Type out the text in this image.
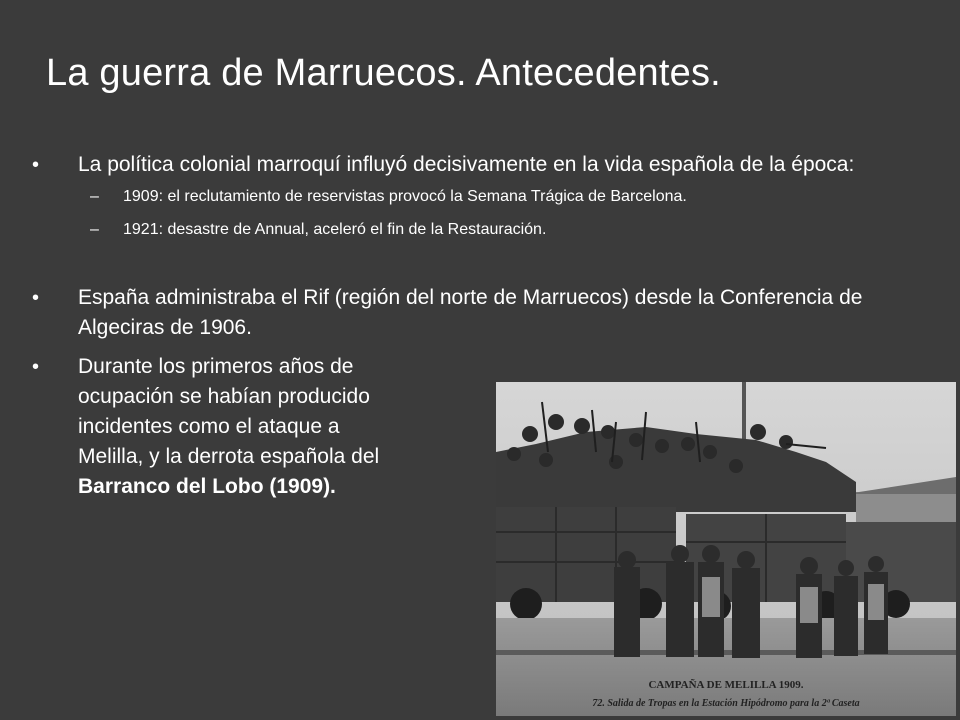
La guerra de Marruecos. Antecedentes.
• La política colonial marroquí influyó decisivamente en la vida española de la época:
– 1909: el reclutamiento de reservistas provocó la Semana Trágica de Barcelona.
– 1921: desastre de Annual, aceleró el fin de la Restauración.
• España administraba el Rif (región del norte de Marruecos) desde la Conferencia de Algeciras de 1906.
• Durante los primeros años de ocupación se habían producido incidentes como el ataque a Melilla, y la derrota española del Barranco del Lobo (1909).
CAMPAÑA DE MELILLA 1909.
72. Salida de Tropas en la Estación Hipódromo para la 2ª Caseta
